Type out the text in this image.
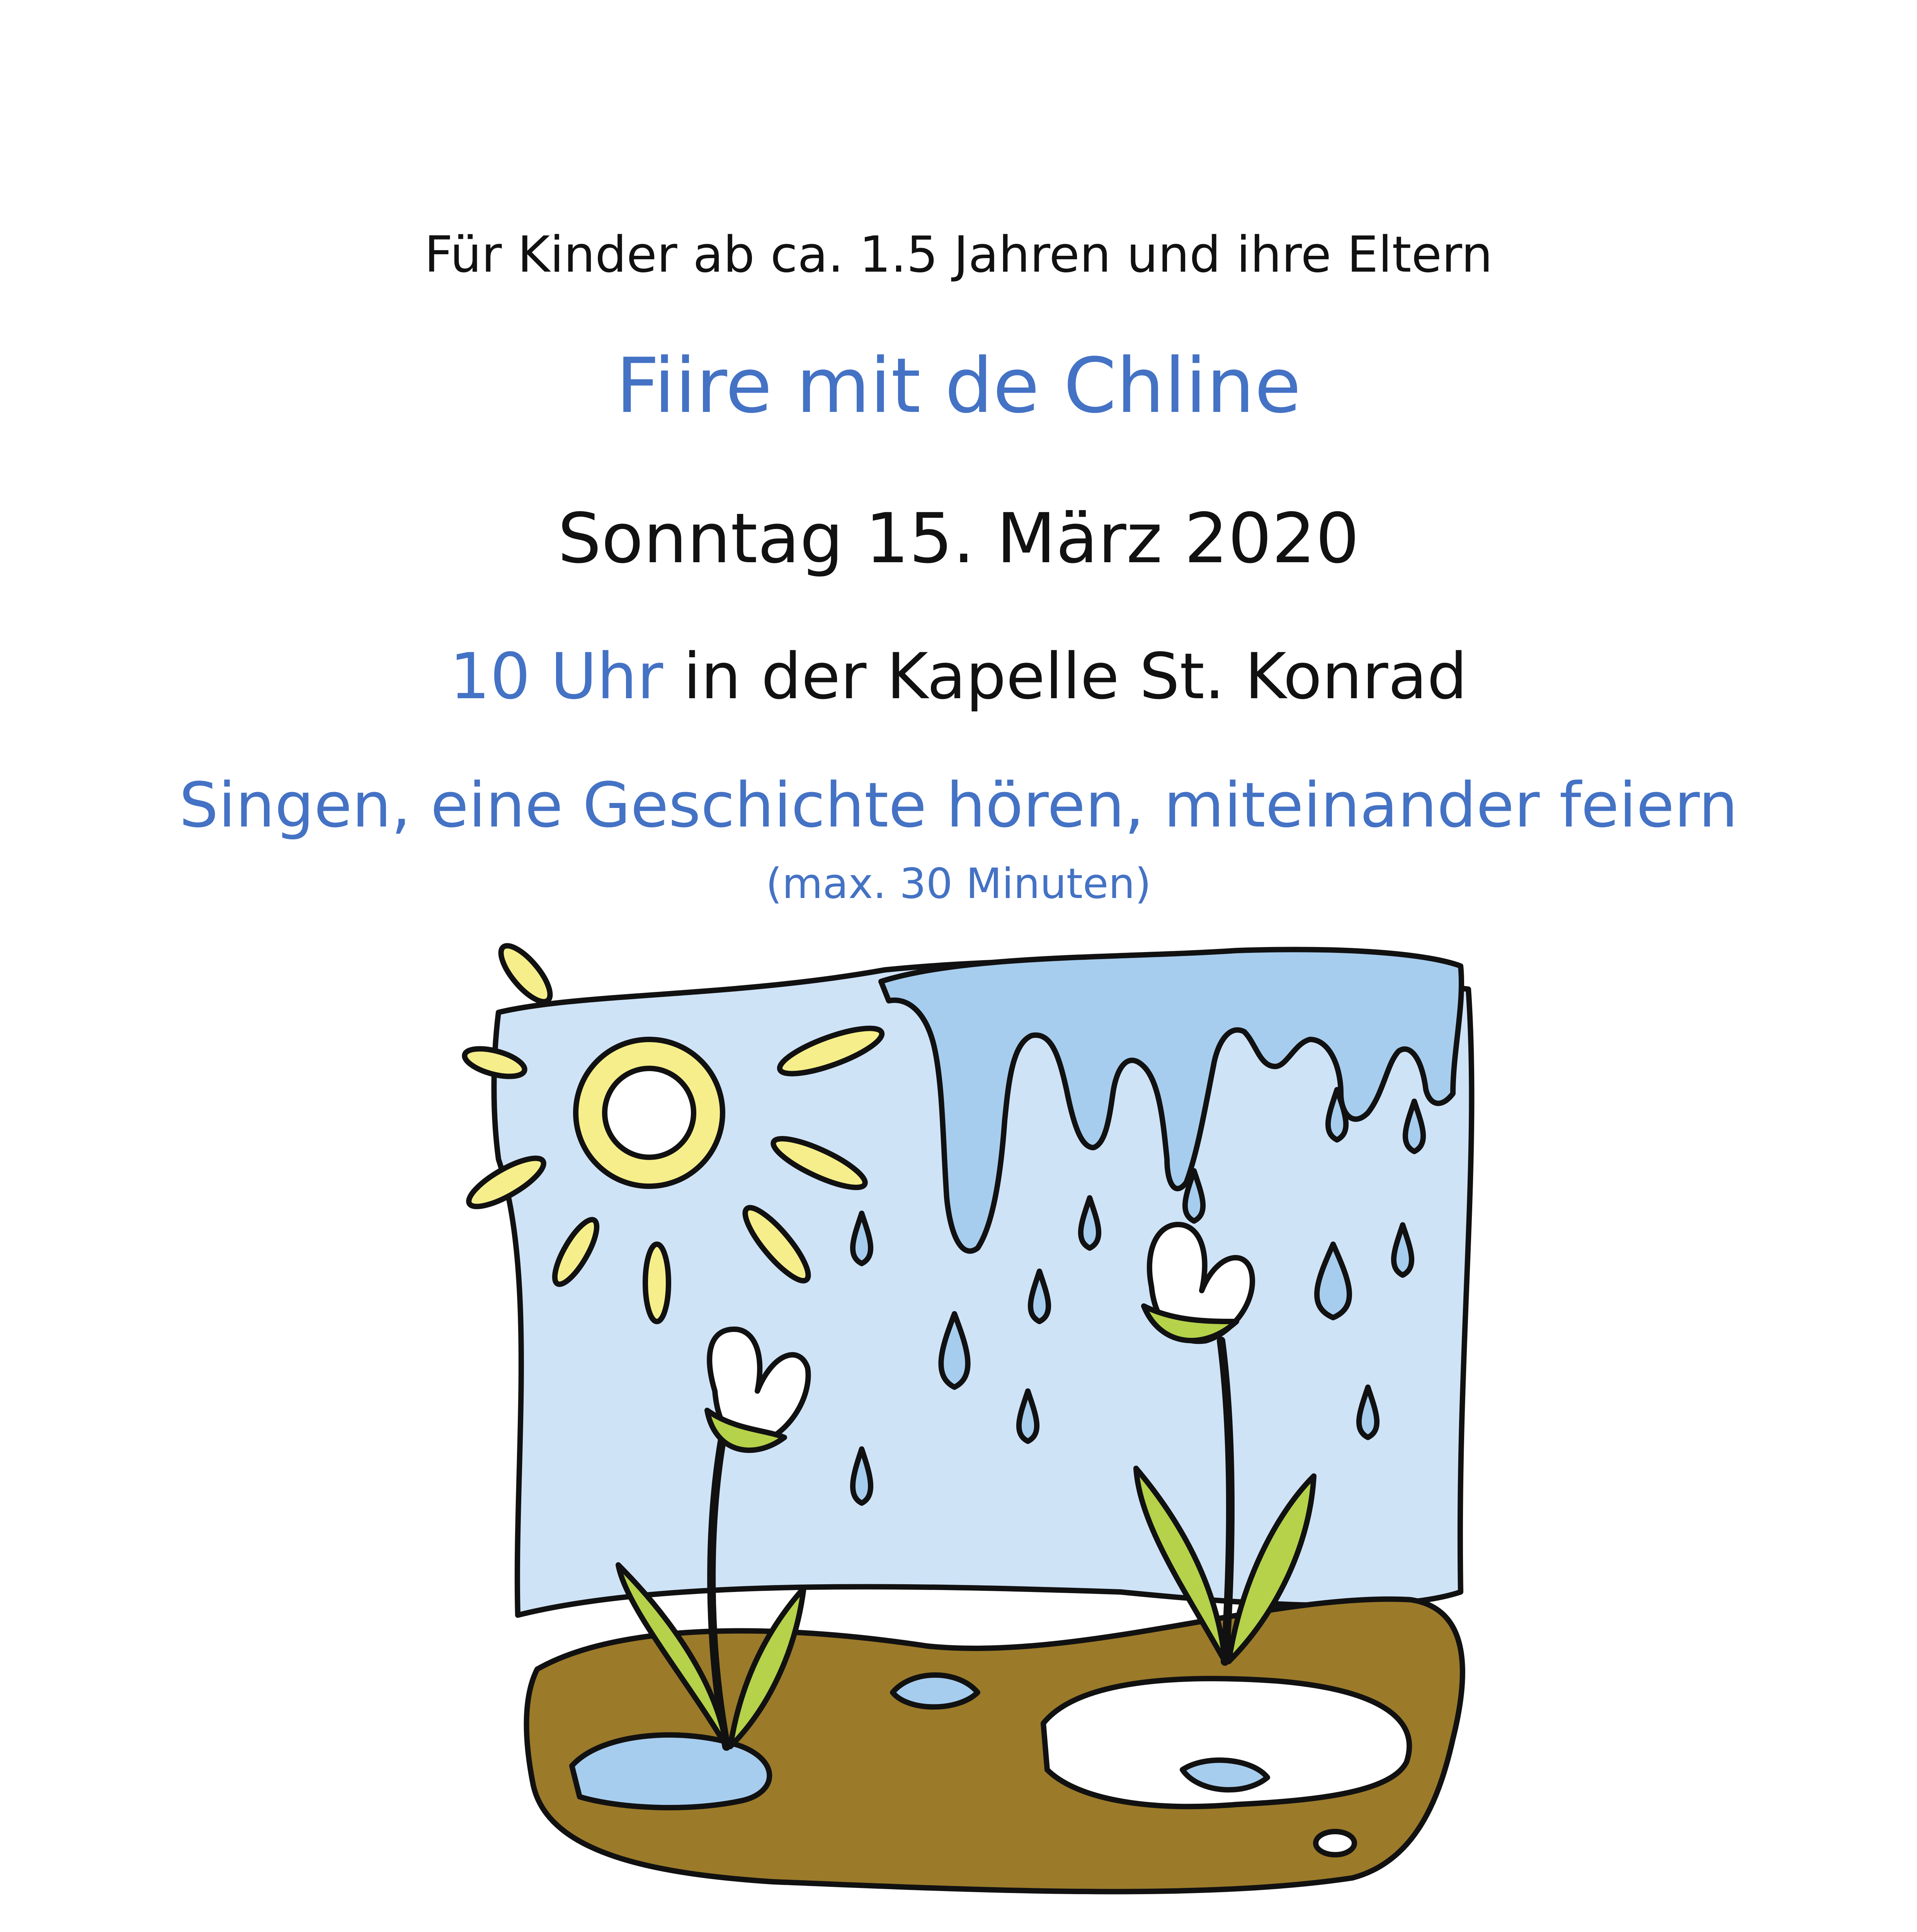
Für Kinder ab ca. 1.5 Jahren und ihre Eltern

Fiire mit de Chline

Sonntag 15. März 2020

10 Uhr in der Kapelle St. Konrad

Singen, eine Geschichte hören, miteinander feiern

(max. 30 Minuten)
